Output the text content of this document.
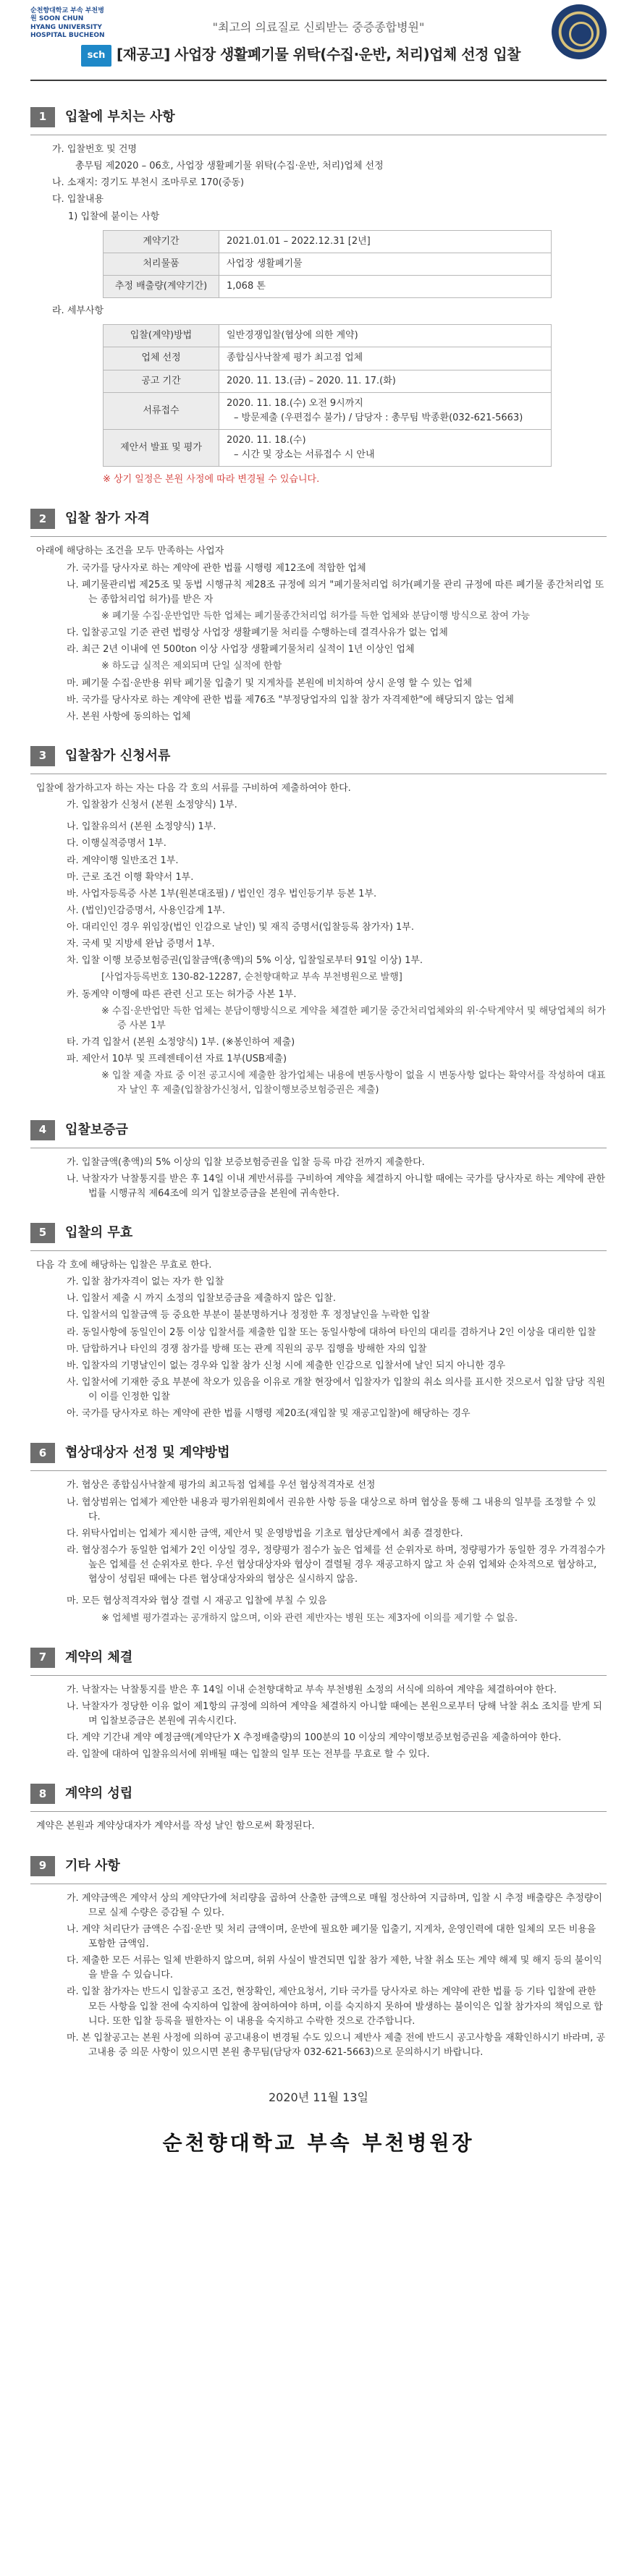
순천향대학교 부속 부천병원 SOON CHUN HYANG UNIVERSITY HOSPITAL BUCHEON
sch
"최고의 의료질로 신뢰받는 중증종합병원"
[재공고] 사업장 생활폐기물 위탁(수집·운반, 처리)업체 선정 입찰
1	입찰에 부치는 사항

가. 입찰번호 및 건명

총무팀 제2020 – 06호, 사업장 생활폐기물 위탁(수집·운반, 처리)업체 선정

나. 소재지: 경기도 부천시 조마루로 170(중동)

다. 입찰내용

1) 입찰에 붙이는 사항

계약기간	2021.01.01 – 2022.12.31 [2년]
처리물품	사업장 생활폐기물
추정 배출량(계약기간)	1,068 톤

라. 세부사항

입찰(계약)방법	일반경쟁입찰(협상에 의한 계약)
업체 선정	종합심사낙찰제 평가 최고점 업체
공고 기간	2020. 11. 13.(금) – 2020. 11. 17.(화)
서류접수	2020. 11. 18.(수) 오전 9시까지
– 방문제출 (우편접수 불가) / 담당자 : 총무팀 박종환(032-621-5663)

제안서 발표 및 평가	2020. 11. 18.(수)
– 시간 및 장소는 서류접수 시 안내

※ 상기 일정은 본원 사정에 따라 변경될 수 있습니다.

2	입찰 참가 자격

아래에 해당하는 조건을 모두 만족하는 사업자

가. 국가를 당사자로 하는 계약에 관한 법률 시행령 제12조에 적합한 업체

나. 폐기물관리법 제25조 및 동법 시행규칙 제28조 규정에 의거 "폐기물처리업 허가(폐기물 관리 규정에 따른 폐기물 종간처리업 또는 종합처리업 허가)를 받은 자

※ 폐기물 수집·운반업만 득한 업체는 폐기물종간처리업 허가를 득한 업체와 분담이행 방식으로 참여 가능

다. 입찰공고일 기준 관련 법령상 사업장 생활폐기물 처리를 수행하는데 결격사유가 없는 업체

라. 최근 2년 이내에 연 500ton 이상 사업장 생활폐기물처리 실적이 1년 이상인 업체

※ 하도급 실적은 제외되며 단일 실적에 한함

마. 폐기물 수집·운반용 위탁 폐기물 입출기 및 지게차를 본원에 비치하여 상시 운영 할 수 있는 업체

바. 국가를 당사자로 하는 계약에 관한 법률 제76조 "부정당업자의 입찰 참가 자격제한"에 해당되지 않는 업체

사. 본원 사항에 동의하는 업체

3	입찰참가 신청서류

입찰에 참가하고자 하는 자는 다음 각 호의 서류를 구비하여 제출하여야 한다.

가. 입찰참가 신청서 (본원 소정양식) 1부.

나. 입찰유의서 (본원 소정양식) 1부.

다. 이행실적증명서 1부.

라. 계약이행 일반조건 1부.

마. 근로 조건 이행 확약서 1부.

바. 사업자등록증 사본 1부(원본대조필) / 법인인 경우 법인등기부 등본 1부.

사. (법인)인감증명서, 사용인감계 1부.

아. 대리인인 경우 위임장(법인 인감으로 날인) 및 재직 증명서(입찰등록 참가자) 1부.

자. 국세 및 지방세 완납 증명서 1부.

차. 입찰 이행 보증보험증권(입찰금액(총액)의 5% 이상, 입찰일로부터 91일 이상) 1부.

[사업자등록번호 130-82-12287, 순천향대학교 부속 부천병원으로 발행]

카. 동계약 이행에 따른 관련 신고 또는 허가증 사본 1부.

※ 수집·운반업만 득한 업체는 분담이행방식으로 계약을 체결한 폐기물 중간처리업체와의 위·수탁계약서 및 해당업체의 허가증 사본 1부

타. 가격 입찰서 (본원 소정양식) 1부. (※봉인하여 제출)

파. 제안서 10부 및 프레젠테이션 자료 1부(USB제출)

※ 입찰 제출 자료 중 이전 공고시에 제출한 참가업체는 내용에 변동사항이 없을 시 변동사항 없다는 확약서를 작성하여 대표자 날인 후 제출(입찰참가신청서, 입찰이행보증보험증권은 제출)

4	입찰보증금

가. 입찰금액(총액)의 5% 이상의 입찰 보증보험증권을 입찰 등록 마감 전까지 제출한다.

나. 낙찰자가 낙찰통지를 받은 후 14일 이내 계반서류를 구비하여 계약을 체결하지 아니할 때에는 국가를 당사자로 하는 계약에 관한 법률 시행규칙 제64조에 의거 입찰보증금을 본원에 귀속한다.

5	입찰의 무효

다음 각 호에 해당하는 입찰은 무효로 한다.

가. 입찰 참가자격이 없는 자가 한 입찰

나. 입찰서 제출 시 까지 소정의 입찰보증금을 제출하지 않은 입찰.

다. 입찰서의 입찰금액 등 중요한 부분이 불분명하거나 정정한 후 정정날인을 누락한 입찰

라. 동일사항에 동일인이 2통 이상 입찰서를 제출한 입찰 또는 동일사항에 대하여 타인의 대리를 겸하거나 2인 이상을 대리한 입찰

마. 담합하거나 타인의 경쟁 참가를 방해 또는 관계 직원의 공무 집행을 방해한 자의 입찰

바. 입찰자의 기명날인이 없는 경우와 입찰 참가 신청 시에 제출한 인감으로 입찰서에 날인 되지 아니한 경우

사. 입찰서에 기재한 중요 부분에 착오가 있음을 이유로 개찰 현장에서 입찰자가 입찰의 취소 의사를 표시한 것으로서 입찰 담당 직원이 이를 인정한 입찰

아. 국가를 당사자로 하는 계약에 관한 법률 시행령 제20조(재입찰 및 재공고입찰)에 해당하는 경우

6	협상대상자 선정 및 계약방법

가. 협상은 종합심사낙찰제 평가의 최고득점 업체를 우선 협상적격자로 선정

나. 협상범위는 업체가 제안한 내용과 평가위원회에서 권유한 사항 등을 대상으로 하며 협상을 통해 그 내용의 일부를 조정할 수 있다.

다. 위탁사업비는 업체가 제시한 금액, 제안서 및 운영방법을 기초로 협상단계에서 최종 결정한다.

라. 협상점수가 동일한 업체가 2인 이상일 경우, 정량평가 점수가 높은 업체를 선 순위자로 하며, 정량평가가 동일한 경우 가격점수가 높은 업체를 선 순위자로 한다. 우선 협상대상자와 협상이 결렬될 경우 재공고하지 않고 차 순위 업체와 순차적으로 협상하고, 협상이 성립된 때에는 다른 협상대상자와의 협상은 실시하지 않음.

마. 모든 협상적격자와 협상 결렬 시 재공고 입찰에 부칠 수 있음

※ 업체별 평가결과는 공개하지 않으며, 이와 관련 제반자는 병원 또는 제3자에 이의를 제기할 수 없음.

7	계약의 체결

가. 낙찰자는 낙찰통지를 받은 후 14일 이내 순천향대학교 부속 부천병원 소정의 서식에 의하여 계약을 체결하여야 한다.

나. 낙찰자가 정당한 이유 없이 제1항의 규정에 의하여 계약을 체결하지 아니할 때에는 본원으로부터 당해 낙찰 취소 조치를 받게 되며 입찰보증금은 본원에 귀속시킨다.

다. 계약 기간내 계약 예정금액(계약단가 X 추정배출량)의 100분의 10 이상의 계약이행보증보험증권을 제출하여야 한다.

라. 입찰에 대하여 입찰유의서에 위배될 때는 입찰의 일부 또는 전부를 무효로 할 수 있다.

8	계약의 성립

계약은 본원과 계약상대자가 계약서를 작성 날인 함으로써 확정된다.

9	기타 사항

가. 계약금액은 계약서 상의 계약단가에 처리량을 곱하여 산출한 금액으로 매월 정산하여 지급하며, 입찰 시 추정 배출량은 추정량이므로 실제 수량은 증감될 수 있다.

나. 계약 처리단가 금액은 수집·운반 및 처리 금액이며, 운반에 필요한 폐기물 입출기, 지게차, 운영인력에 대한 일체의 모든 비용을 포함한 금액임.

다. 제출한 모든 서류는 일체 반환하지 않으며, 허위 사실이 발견되면 입찰 참가 제한, 낙찰 취소 또는 계약 해제 및 해지 등의 불이익을 받을 수 있습니다.

라. 입찰 참가자는 반드시 입찰공고 조건, 현장확인, 제안요청서, 기타 국가를 당사자로 하는 계약에 관한 법률 등 기타 입찰에 관한 모든 사항을 입찰 전에 숙지하여 입찰에 참여하여야 하며, 이를 숙지하지 못하여 발생하는 불이익은 입찰 참가자의 책임으로 합니다. 또한 입찰 등록을 필한자는 이 내용을 숙지하고 수락한 것으로 간주합니다.

마. 본 입찰공고는 본원 사정에 의하여 공고내용이 변경될 수도 있으니 제반사 제출 전에 반드시 공고사항을 재확인하시기 바라며, 공고내용 중 의문 사항이 있으시면 본원 총무팀(담당자 032-621-5663)으로 문의하시기 바랍니다.

2020년 11월 13일
순천향대학교 부속 부천병원장
